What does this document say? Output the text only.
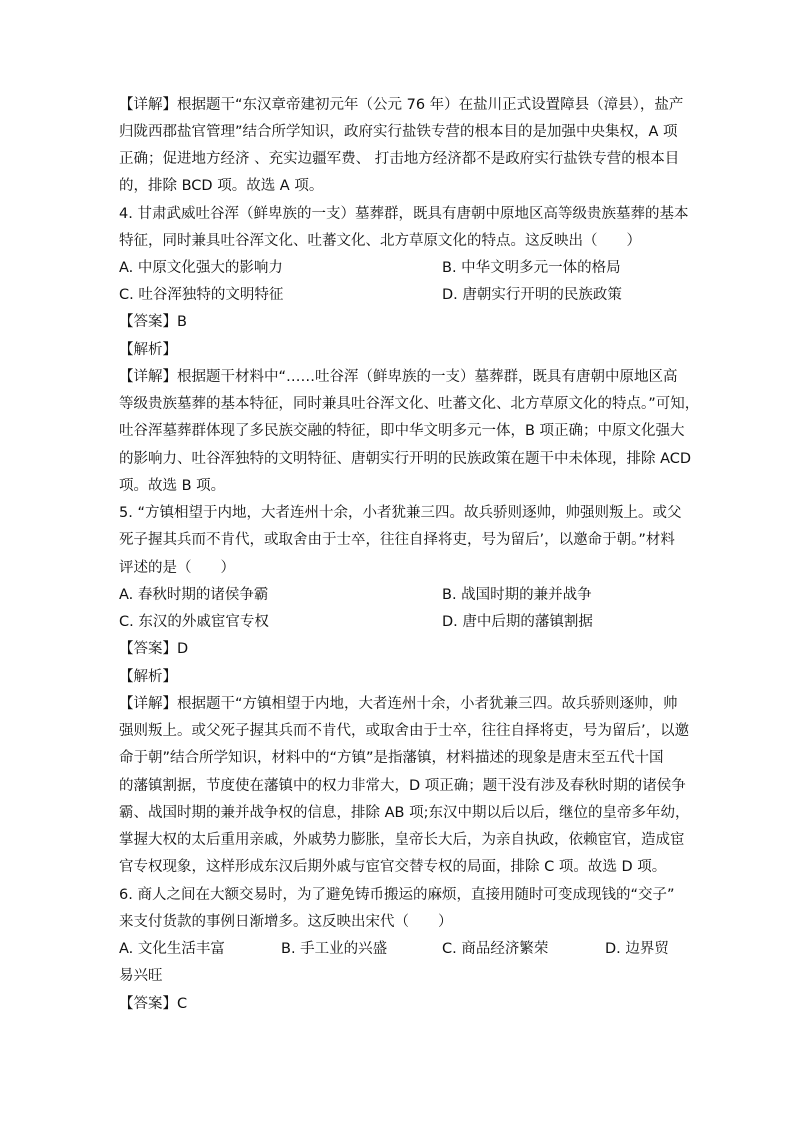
【详解】根据题干“东汉章帝建初元年（公元 76 年）在盐川正式设置障县（漳县），盐产
归陇西郡盐官管理”结合所学知识，政府实行盐铁专营的根本目的是加强中央集权，A 项
正确；促进地方经济 、充实边疆军费、 打击地方经济都不是政府实行盐铁专营的根本目
的，排除 BCD 项。故选 A 项。
4. 甘肃武威吐谷浑（鲜卑族的一支）墓葬群，既具有唐朝中原地区高等级贵族墓葬的基本
特征，同时兼具吐谷浑文化、吐蕃文化、北方草原文化的特点。这反映出（　　）
A. 中原文化强大的影响力	B. 中华文明多元一体的格局
C. 吐谷浑独特的文明特征	D. 唐朝实行开明的民族政策
【答案】B
【解析】
【详解】根据题干材料中“……吐谷浑（鲜卑族的一支）墓葬群，既具有唐朝中原地区高
等级贵族墓葬的基本特征，同时兼具吐谷浑文化、吐蕃文化、北方草原文化的特点。”可知，
吐谷浑墓葬群体现了多民族交融的特征，即中华文明多元一体，B 项正确；中原文化强大
的影响力、吐谷浑独特的文明特征、唐朝实行开明的民族政策在题干中未体现，排除 ACD
项。故选 B 项。
5. “方镇相望于内地，大者连州十余，小者犹兼三四。故兵骄则逐帅，帅强则叛上。或父
死子握其兵而不肯代，或取舍由于士卒，往往自择将吏，号为留后’，以邀命于朝。”材料
评述的是（　　）
A. 春秋时期的诸侯争霸	B. 战国时期的兼并战争
C. 东汉的外戚宦官专权	D. 唐中后期的藩镇割据
【答案】D
【解析】
【详解】根据题干“方镇相望于内地，大者连州十余，小者犹兼三四。故兵骄则逐帅，帅
强则叛上。或父死子握其兵而不肯代，或取舍由于士卒，往往自择将吏，号为留后’，以邀
命于朝”结合所学知识，材料中的“方镇”是指藩镇，材料描述的现象是唐末至五代十国
的藩镇割据，节度使在藩镇中的权力非常大，D 项正确；题干没有涉及春秋时期的诸侯争
霸、战国时期的兼并战争权的信息，排除 AB 项;东汉中期以后以后，继位的皇帝多年幼，
掌握大权的太后重用亲戚，外戚势力膨胀，皇帝长大后，为亲自执政，依赖宦官，造成宦
官专权现象，这样形成东汉后期外戚与宦官交替专权的局面，排除 C 项。故选 D 项。
6. 商人之间在大额交易时，为了避免铸币搬运的麻烦，直接用随时可变成现钱的“交子”
来支付货款的事例日渐增多。这反映出宋代（　　）
A. 文化生活丰富	B. 手工业的兴盛	C. 商品经济繁荣	D. 边界贸
易兴旺
【答案】C
